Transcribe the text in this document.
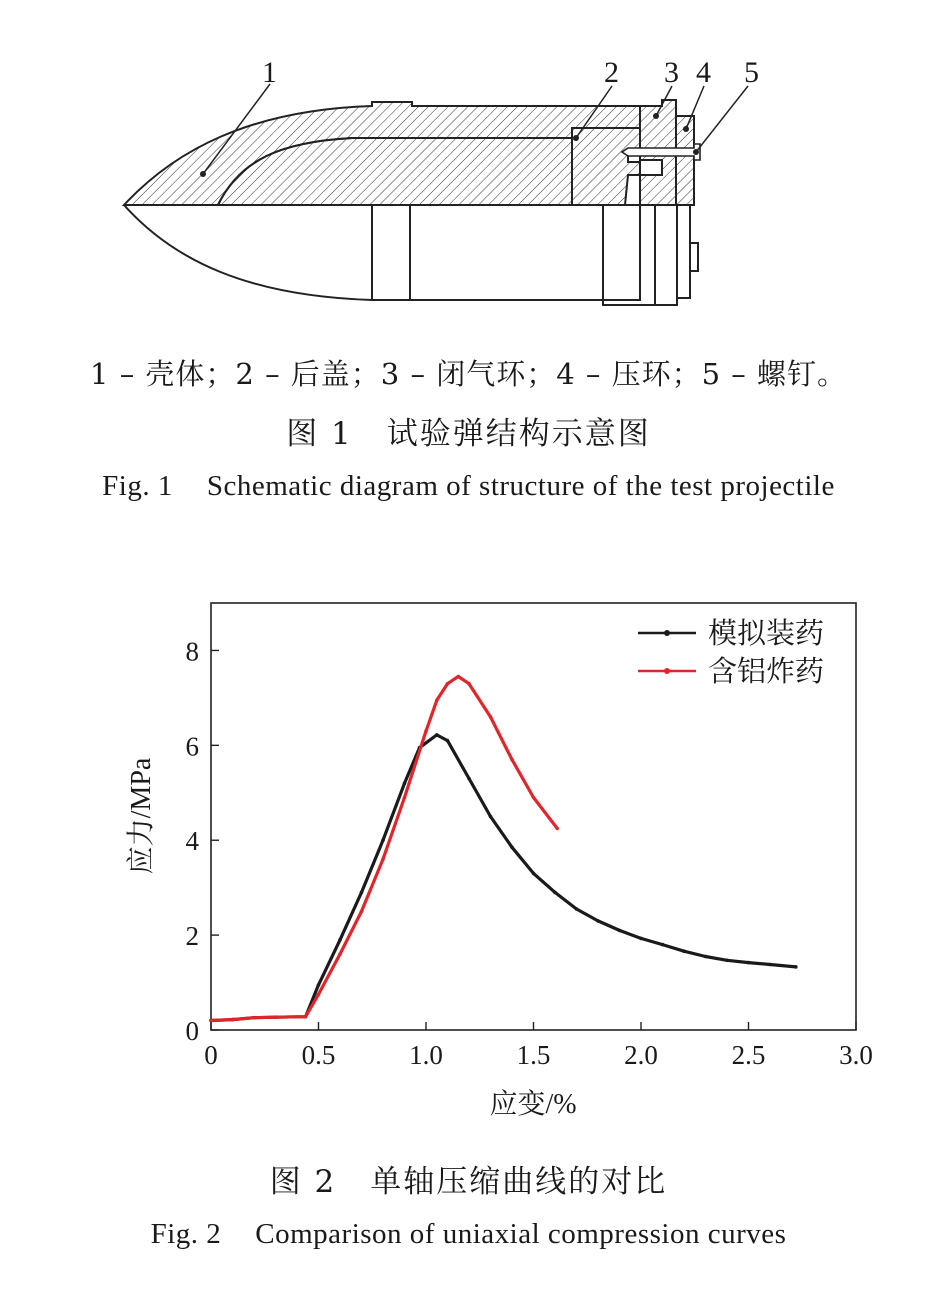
1	2 3 4 5
1 – 壳体；2 – 后盖；3 – 闭气环；4 – 压环；5 – 螺钉。
图 1 试验弹结构示意图
Fig. 1 Schematic diagram of structure of the test projectile
0	0.5	1.0	1.5	2.0	2.5	3.0
0
2
4
6
8
模拟装药
含铝炸药
应变/%
应力/MPa
图 2 单轴压缩曲线的对比
Fig. 2 Comparison of uniaxial compression curves
